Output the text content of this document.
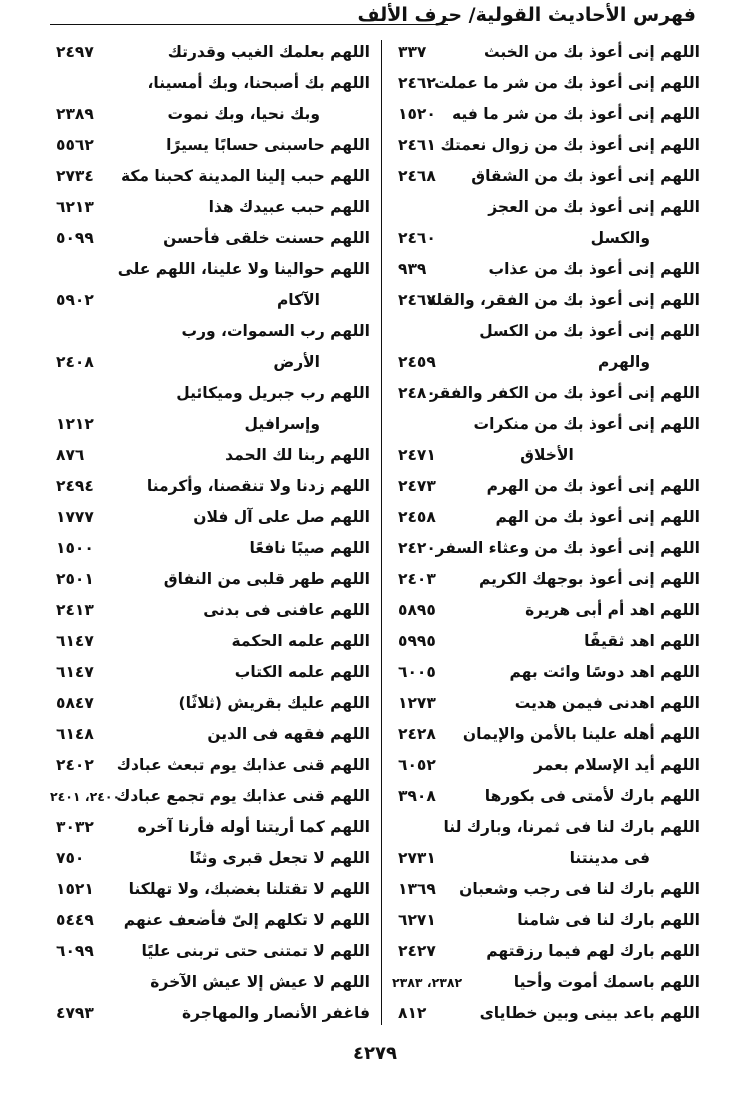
فهرس الأحاديث القولية/ حرف الألف
اللهم إنى أعوذ بك من الخبث
٣٣٧
اللهم إنى أعوذ بك من شر ما عملت
٢٤٦٢
اللهم إنى أعوذ بك من شر ما فيه
١٥٢٠
اللهم إنى أعوذ بك من زوال نعمتك
٢٤٦١
اللهم إنى أعوذ بك من الشقاق
٢٤٦٨
اللهم إنى أعوذ بك من العجز
والكسل
٢٤٦٠
اللهم إنى أعوذ بك من عذاب
٩٣٩
اللهم إنى أعوذ بك من الفقر، والقلة
٢٤٦٧
اللهم إنى أعوذ بك من الكسل
والهرم
٢٤٥٩
اللهم إنى أعوذ بك من الكفر والفقر
٢٤٨٠
اللهم إنى أعوذ بك من منكرات
الأخلاق
٢٤٧١
اللهم إنى أعوذ بك من الهرم
٢٤٧٣
اللهم إنى أعوذ بك من الهم
٢٤٥٨
اللهم إنى أعوذ بك من وعثاء السفر
٢٤٢٠
اللهم إنى أعوذ بوجهك الكريم
٢٤٠٣
اللهم اهد أم أبى هريرة
٥٨٩٥
اللهم اهد ثقيفًا
٥٩٩٥
اللهم اهد دوسًا وائت بهم
٦٠٠٥
اللهم اهدنى فيمن هديت
١٢٧٣
اللهم أهله علينا بالأمن والإيمان
٢٤٢٨
اللهم أيد الإسلام بعمر
٦٠٥٢
اللهم بارك لأمتى فى بكورها
٣٩٠٨
اللهم بارك لنا فى ثمرنا، وبارك لنا
فى مدينتنا
٢٧٣١
اللهم بارك لنا فى رجب وشعبان
١٣٦٩
اللهم بارك لنا فى شامنا
٦٢٧١
اللهم بارك لهم فيما رزقتهم
٢٤٢٧
اللهم باسمك أموت وأحيا
٢٣٨٢، ٢٣٨٣
اللهم باعد بينى وبين خطاياى
٨١٢
اللهم بعلمك الغيب وقدرتك
٢٤٩٧
اللهم بك أصبحنا، وبك أمسينا،
وبك نحيا، وبك نموت
٢٣٨٩
اللهم حاسبنى حسابًا يسيرًا
٥٥٦٢
اللهم حبب إلينا المدينة كحبنا مكة
٢٧٣٤
اللهم حبب عبيدك هذا
٦٢١٣
اللهم حسنت خلقى فأحسن
٥٠٩٩
اللهم حوالينا ولا علينا، اللهم على
الآكام
٥٩٠٢
اللهم رب السموات، ورب
الأرض
٢٤٠٨
اللهم رب جبريل وميكائيل
وإسرافيل
١٢١٢
اللهم ربنا لك الحمد
٨٧٦
اللهم زدنا ولا تنقصنا، وأكرمنا
٢٤٩٤
اللهم صل على آل فلان
١٧٧٧
اللهم صيبًا نافعًا
١٥٠٠
اللهم طهر قلبى من النفاق
٢٥٠١
اللهم عافنى فى بدنى
٢٤١٣
اللهم علمه الحكمة
٦١٤٧
اللهم علمه الكتاب
٦١٤٧
اللهم عليك بقريش (ثلاثًا)
٥٨٤٧
اللهم فقهه فى الدين
٦١٤٨
اللهم قنى عذابك يوم تبعث عبادك
٢٤٠٢
اللهم قنى عذابك يوم تجمع عبادك
٢٤٠٠، ٢٤٠١
اللهم كما أريتنا أوله فأرنا آخره
٣٠٣٢
اللهم لا تجعل قبرى وثنًا
٧٥٠
اللهم لا تقتلنا بغضبك، ولا تهلكنا
١٥٢١
اللهم لا تكلهم إلىّ فأضعف عنهم
٥٤٤٩
اللهم لا تمتنى حتى تربنى عليًا
٦٠٩٩
اللهم لا عيش إلا عيش الآخرة
فاغفر الأنصار والمهاجرة
٤٧٩٣
٤٢٧٩
